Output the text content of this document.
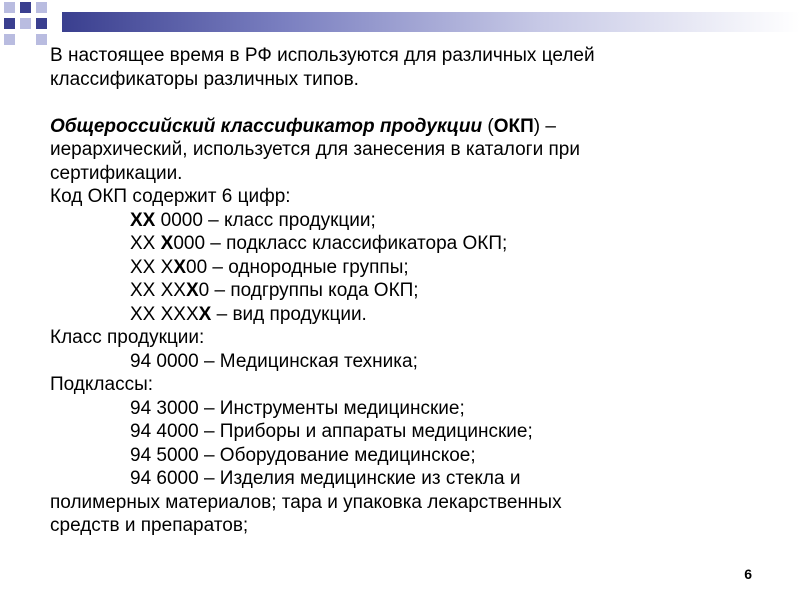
В настоящее время в РФ используются для различных целей
классификаторы различных типов.
Общероссийский классификатор продукции (ОКП) –
иерархический, используется для занесения в каталоги при
сертификации.
Код ОКП содержит 6 цифр:
XX 0000 – класс продукции;
XX X000 – подкласс классификатора ОКП;
XX XX00 – однородные группы;
XX XXX0 – подгруппы кода ОКП;
XX XXXX – вид продукции.
Класс продукции:
94 0000 – Медицинская техника;
Подклассы:
94 3000 – Инструменты медицинские;
94 4000 – Приборы и аппараты медицинские;
94 5000 – Оборудование медицинское;
94 6000 – Изделия медицинские из стекла и
полимерных материалов; тара и упаковка лекарственных
средств и препаратов;
6
